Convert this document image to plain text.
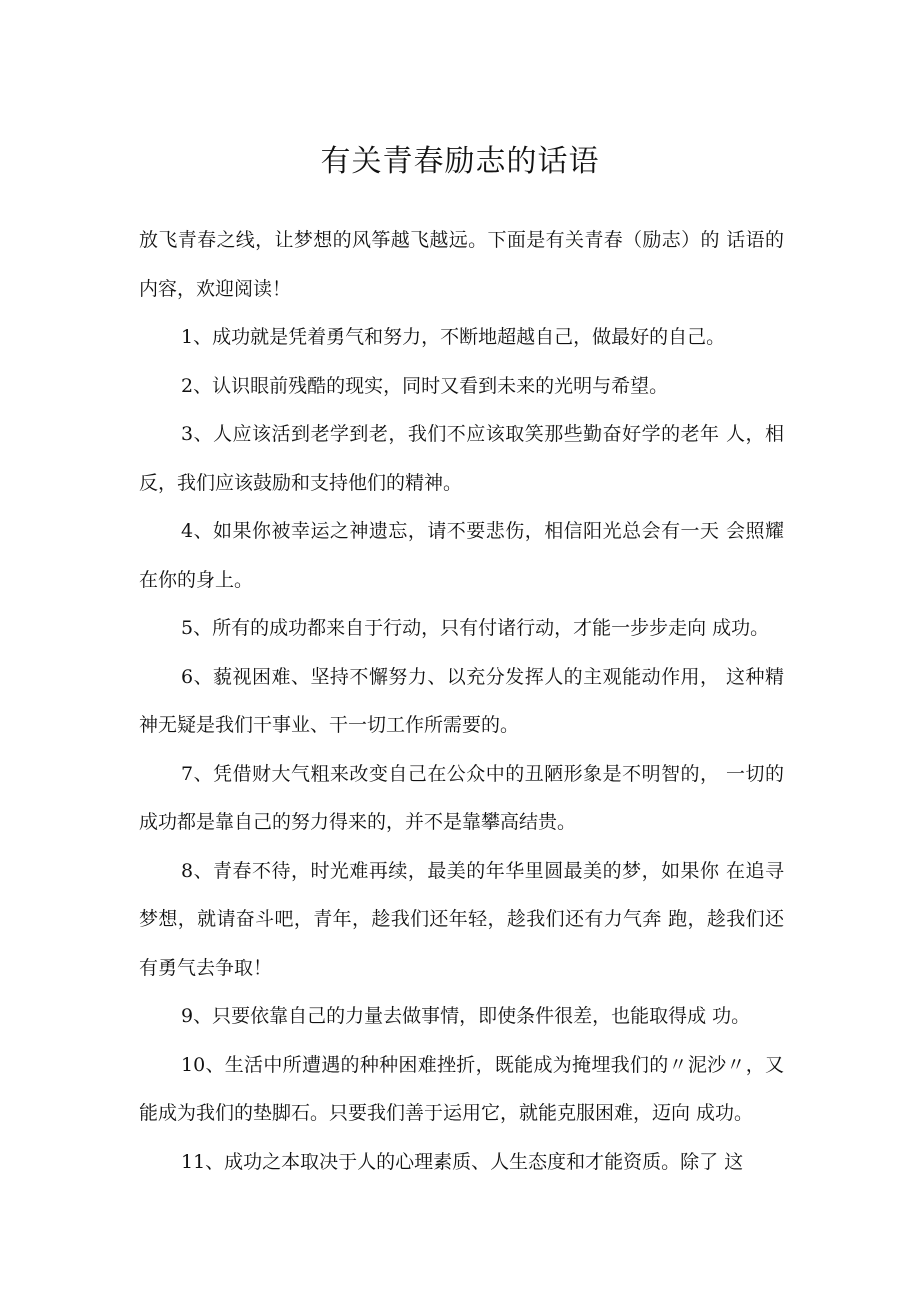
有关青春励志的话语

放飞青春之线，让梦想的风筝越飞越远。下面是有关青春（励志）的 话语的内容，欢迎阅读！

1、成功就是凭着勇气和努力，不断地超越自己，做最好的自己。

2、认识眼前残酷的现实，同时又看到未来的光明与希望。

3、人应该活到老学到老，我们不应该取笑那些勤奋好学的老年 人，相反，我们应该鼓励和支持他们的精神。

4、如果你被幸运之神遗忘，请不要悲伤，相信阳光总会有一天 会照耀在你的身上。

5、所有的成功都来自于行动，只有付诸行动，才能一步步走向 成功。

6、藐视困难、坚持不懈努力、以充分发挥人的主观能动作用， 这种精神无疑是我们干事业、干一切工作所需要的。

7、凭借财大气粗来改变自己在公众中的丑陋形象是不明智的， 一切的成功都是靠自己的努力得来的，并不是靠攀高结贵。

8、青春不待，时光难再续，最美的年华里圆最美的梦，如果你 在追寻梦想，就请奋斗吧，青年，趁我们还年轻，趁我们还有力气奔 跑，趁我们还有勇气去争取！

9、只要依靠自己的力量去做事情，即使条件很差，也能取得成 功。

10、生活中所遭遇的种种困难挫折，既能成为掩埋我们的〃泥沙〃，又能成为我们的垫脚石。只要我们善于运用它，就能克服困难，迈向 成功。

11、成功之本取决于人的心理素质、人生态度和才能资质。除了 这
